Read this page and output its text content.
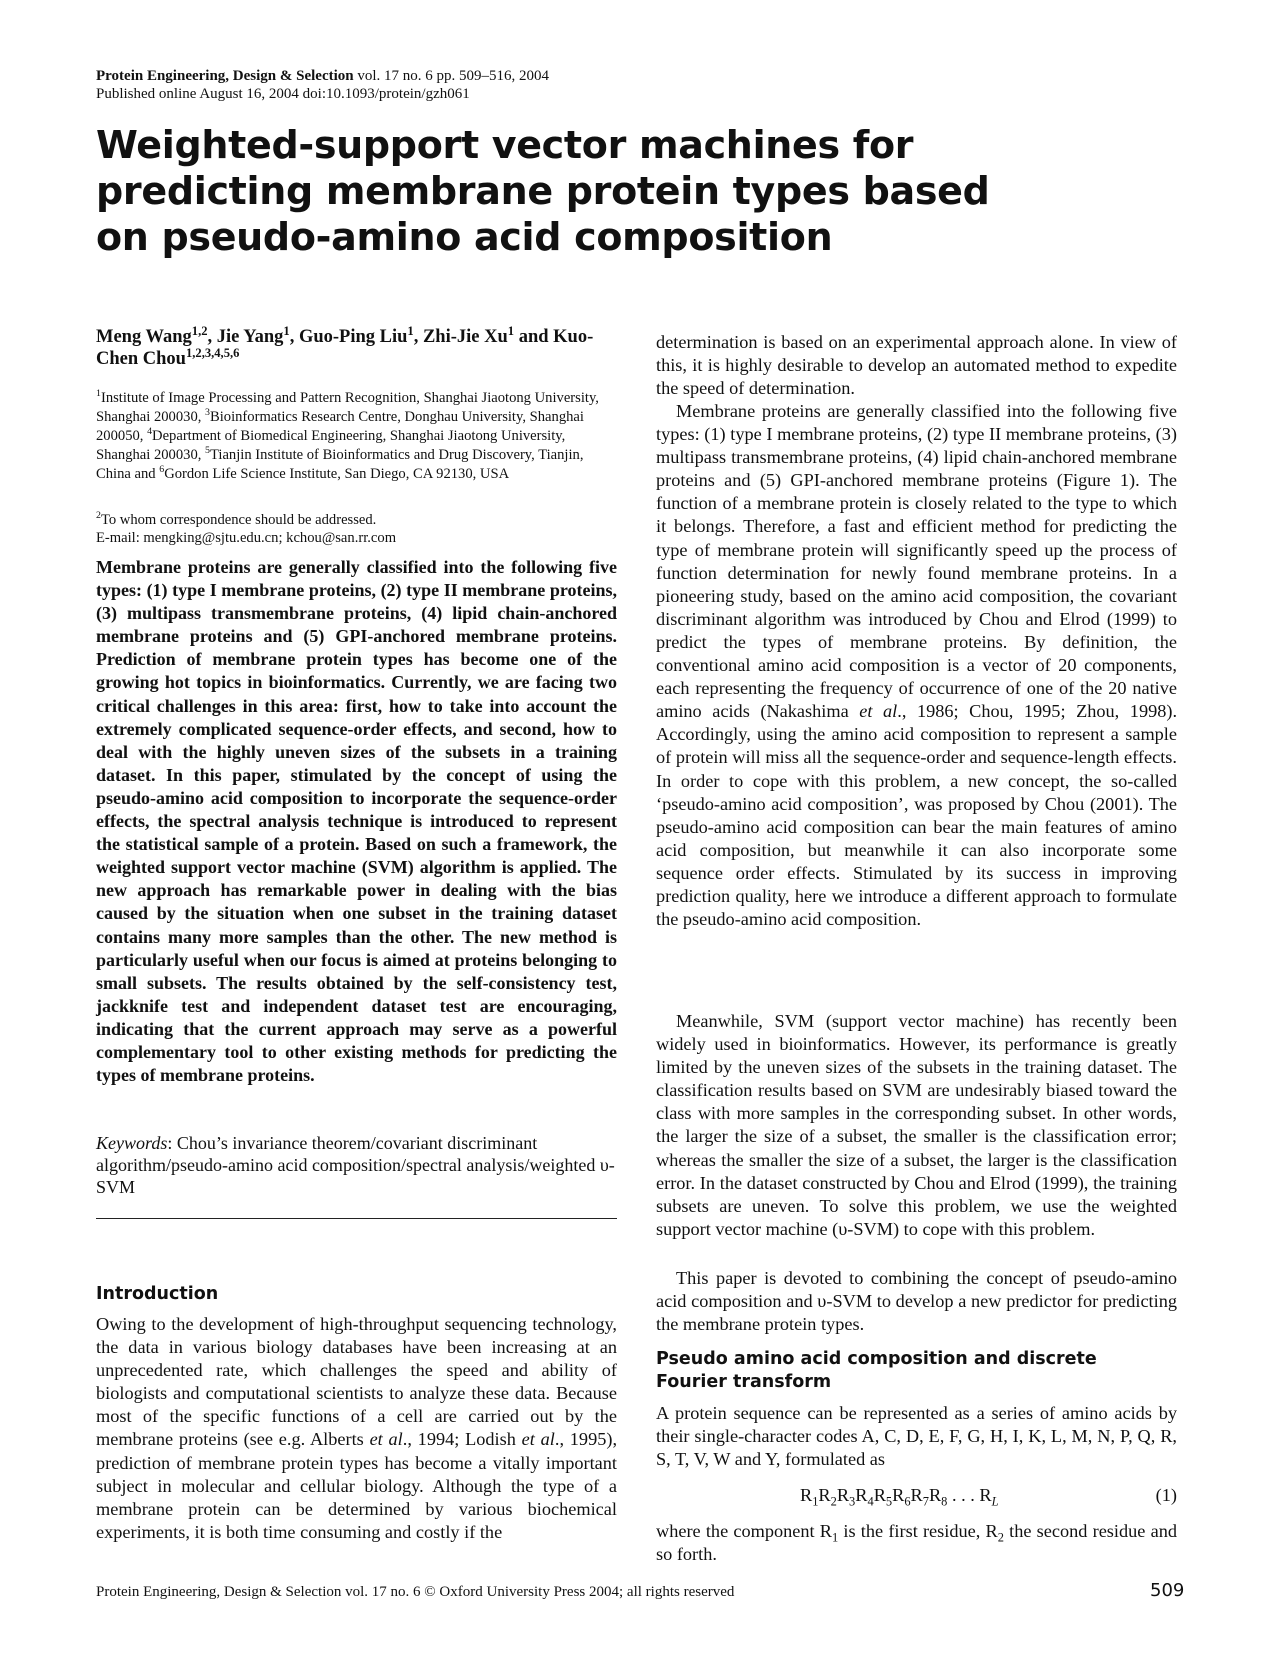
Protein Engineering, Design & Selection vol. 17 no. 6 pp. 509–516, 2004
Published online August 16, 2004 doi:10.1093/protein/gzh061
Weighted-support vector machines for
predicting membrane protein types based
on pseudo-amino acid composition
Meng Wang$^{1,2}$, Jie Yang$^1$, Guo-Ping Liu$^1$, Zhi-Jie Xu$^1$ and Kuo-Chen Chou$^{1,2,3,4,5,6}$
$^1$Institute of Image Processing and Pattern Recognition, Shanghai Jiaotong University, Shanghai 200030, $^3$Bioinformatics Research Centre, Donghau University, Shanghai 200050, $^4$Department of Biomedical Engineering, Shanghai Jiaotong University, Shanghai 200030, $^5$Tianjin Institute of Bioinformatics and Drug Discovery, Tianjin, China and $^6$Gordon Life Science Institute, San Diego, CA 92130, USA
$^2$To whom correspondence should be addressed.
E-mail: mengking@sjtu.edu.cn; kchou@san.rr.com
Membrane proteins are generally classified into the following five types: (1) type I membrane proteins, (2) type II membrane proteins, (3) multipass transmembrane proteins, (4) lipid chain-anchored membrane proteins and (5) GPI-anchored membrane proteins. Prediction of membrane protein types has become one of the growing hot topics in bioinformatics. Currently, we are facing two critical challenges in this area: first, how to take into account the extremely complicated sequence-order effects, and second, how to deal with the highly uneven sizes of the subsets in a training dataset. In this paper, stimulated by the concept of using the pseudo-amino acid composition to incorporate the sequence-order effects, the spectral analysis technique is introduced to represent the statistical sample of a protein. Based on such a framework, the weighted support vector machine (SVM) algorithm is applied. The new approach has remarkable power in dealing with the bias caused by the situation when one subset in the training dataset contains many more samples than the other. The new method is particularly useful when our focus is aimed at proteins belonging to small subsets. The results obtained by the self-consistency test, jackknife test and independent dataset test are encouraging, indicating that the current approach may serve as a powerful complementary tool to other existing methods for predicting the types of membrane proteins.
Keywords: Chou’s invariance theorem/covariant discriminant algorithm/pseudo-amino acid composition/spectral analysis/weighted υ-SVM
Introduction
Owing to the development of high-throughput sequencing technology, the data in various biology databases have been increasing at an unprecedented rate, which challenges the speed and ability of biologists and computational scientists to analyze these data. Because most of the specific functions of a cell are carried out by the membrane proteins (see e.g. Alberts et al., 1994; Lodish et al., 1995), prediction of membrane protein types has become a vitally important subject in molecular and cellular biology. Although the type of a membrane protein can be determined by various biochemical experiments, it is both time consuming and costly if the
determination is based on an experimental approach alone. In view of this, it is highly desirable to develop an automated method to expedite the speed of determination.
Membrane proteins are generally classified into the following five types: (1) type I membrane proteins, (2) type II membrane proteins, (3) multipass transmembrane proteins, (4) lipid chain-anchored membrane proteins and (5) GPI-anchored membrane proteins (Figure 1). The function of a membrane protein is closely related to the type to which it belongs. Therefore, a fast and efficient method for predicting the type of membrane protein will significantly speed up the process of function determination for newly found membrane proteins. In a pioneering study, based on the amino acid composition, the covariant discriminant algorithm was introduced by Chou and Elrod (1999) to predict the types of membrane proteins. By definition, the conventional amino acid composition is a vector of 20 components, each representing the frequency of occurrence of one of the 20 native amino acids (Nakashima et al., 1986; Chou, 1995; Zhou, 1998). Accordingly, using the amino acid composition to represent a sample of protein will miss all the sequence-order and sequence-length effects. In order to cope with this problem, a new concept, the so-called ‘pseudo-amino acid composition’, was proposed by Chou (2001). The pseudo-amino acid composition can bear the main features of amino acid composition, but meanwhile it can also incorporate some sequence order effects. Stimulated by its success in improving prediction quality, here we introduce a different approach to formulate the pseudo-amino acid composition.
Meanwhile, SVM (support vector machine) has recently been widely used in bioinformatics. However, its performance is greatly limited by the uneven sizes of the subsets in the training dataset. The classification results based on SVM are undesirably biased toward the class with more samples in the corresponding subset. In other words, the larger the size of a subset, the smaller is the classification error; whereas the smaller the size of a subset, the larger is the classification error. In the dataset constructed by Chou and Elrod (1999), the training subsets are uneven. To solve this problem, we use the weighted support vector machine (υ-SVM) to cope with this problem.
This paper is devoted to combining the concept of pseudo-amino acid composition and υ-SVM to develop a new predictor for predicting the membrane protein types.
Pseudo amino acid composition and discrete
Fourier transform
A protein sequence can be represented as a series of amino acids by their single-character codes A, C, D, E, F, G, H, I, K, L, M, N, P, Q, R, S, T, V, W and Y, formulated as
$R_1R_2R_3R_4R_5R_6R_7R_8$ . . . $R_L$	(1)
where the component $R_1$ is the first residue, $R_2$ the second residue and so forth.
Protein Engineering, Design & Selection vol. 17 no. 6 © Oxford University Press 2004; all rights reserved	509
